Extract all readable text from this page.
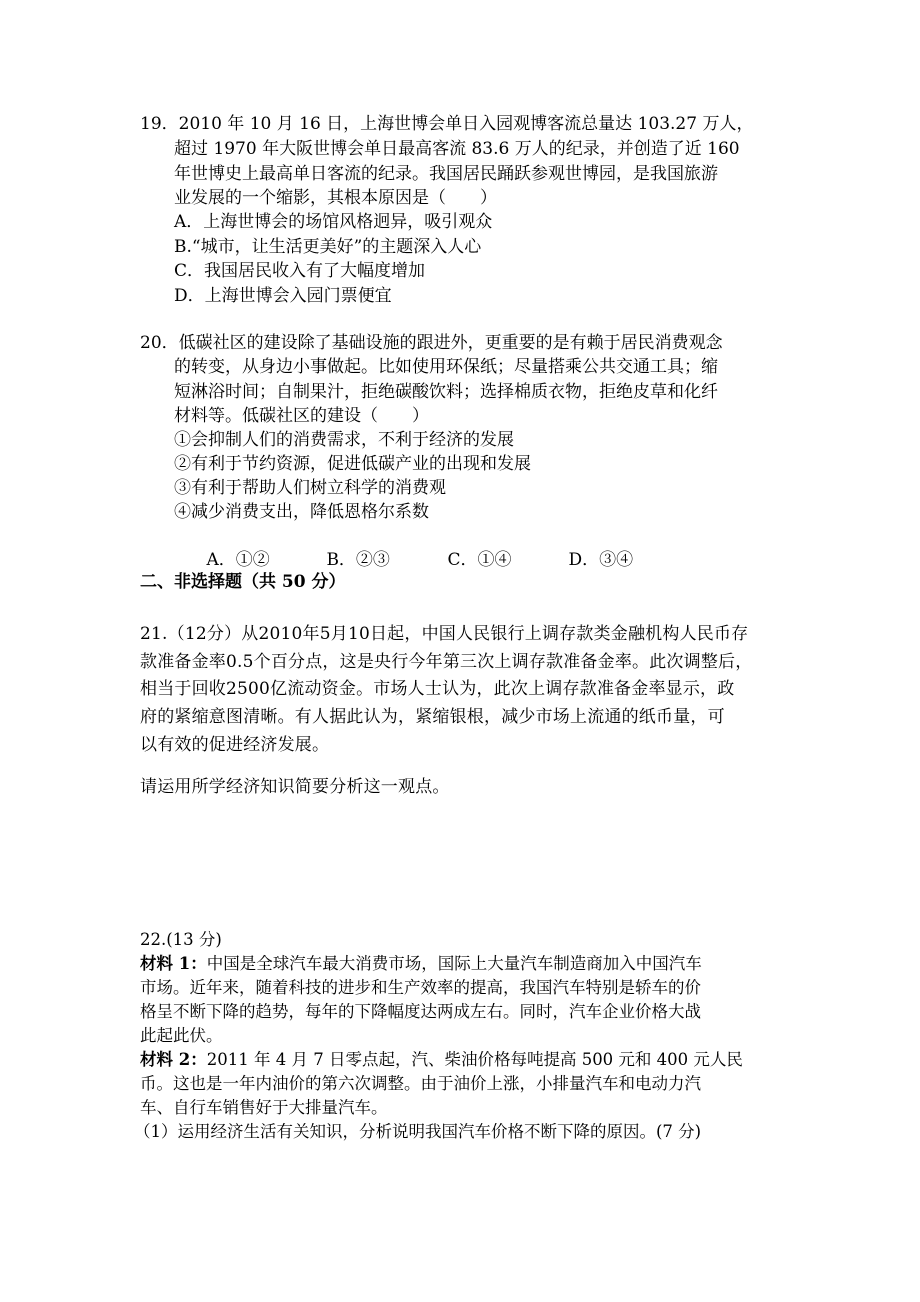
19．2010 年 10 月 16 日，上海世博会单日入园观博客流总量达 103.27 万人，
超过 1970 年大阪世博会单日最高客流 83.6 万人的纪录，并创造了近 160
年世博史上最高单日客流的纪录。我国居民踊跃参观世博园，是我国旅游
业发展的一个缩影，其根本原因是（　　）
A．上海世博会的场馆风格迥异，吸引观众
B.“城市，让生活更美好”的主题深入人心
C．我国居民收入有了大幅度增加
D．上海世博会入园门票便宜
20．低碳社区的建设除了基础设施的跟进外，更重要的是有赖于居民消费观念
的转变，从身边小事做起。比如使用环保纸；尽量搭乘公共交通工具；缩
短淋浴时间；自制果汁，拒绝碳酸饮料；选择棉质衣物，拒绝皮草和化纤
材料等。低碳社区的建设（　　）
①会抑制人们的消费需求，不利于经济的发展
②有利于节约资源，促进低碳产业的出现和发展
③有利于帮助人们树立科学的消费观
④减少消费支出，降低恩格尔系数

A．①②	B．②③	C．①④	D．③④

二、非选择题（共 50 分）
21.（12分）从2010年5月10日起，中国人民银行上调存款类金融机构人民币存
款准备金率0.5个百分点，这是央行今年第三次上调存款准备金率。此次调整后，
相当于回收2500亿流动资金。市场人士认为，此次上调存款准备金率显示，政
府的紧缩意图清晰。有人据此认为，紧缩银根，减少市场上流通的纸币量，可
以有效的促进经济发展。
请运用所学经济知识简要分析这一观点。
22.(13 分)
材料 1：中国是全球汽车最大消费市场，国际上大量汽车制造商加入中国汽车
市场。近年来，随着科技的进步和生产效率的提高，我国汽车特别是轿车的价
格呈不断下降的趋势，每年的下降幅度达两成左右。同时，汽车企业价格大战
此起此伏。
材料 2：2011 年 4 月 7 日零点起，汽、柴油价格每吨提高 500 元和 400 元人民
币。这也是一年内油价的第六次调整。由于油价上涨，小排量汽车和电动力汽
车、自行车销售好于大排量汽车。
（1）运用经济生活有关知识，分析说明我国汽车价格不断下降的原因。(7 分)
